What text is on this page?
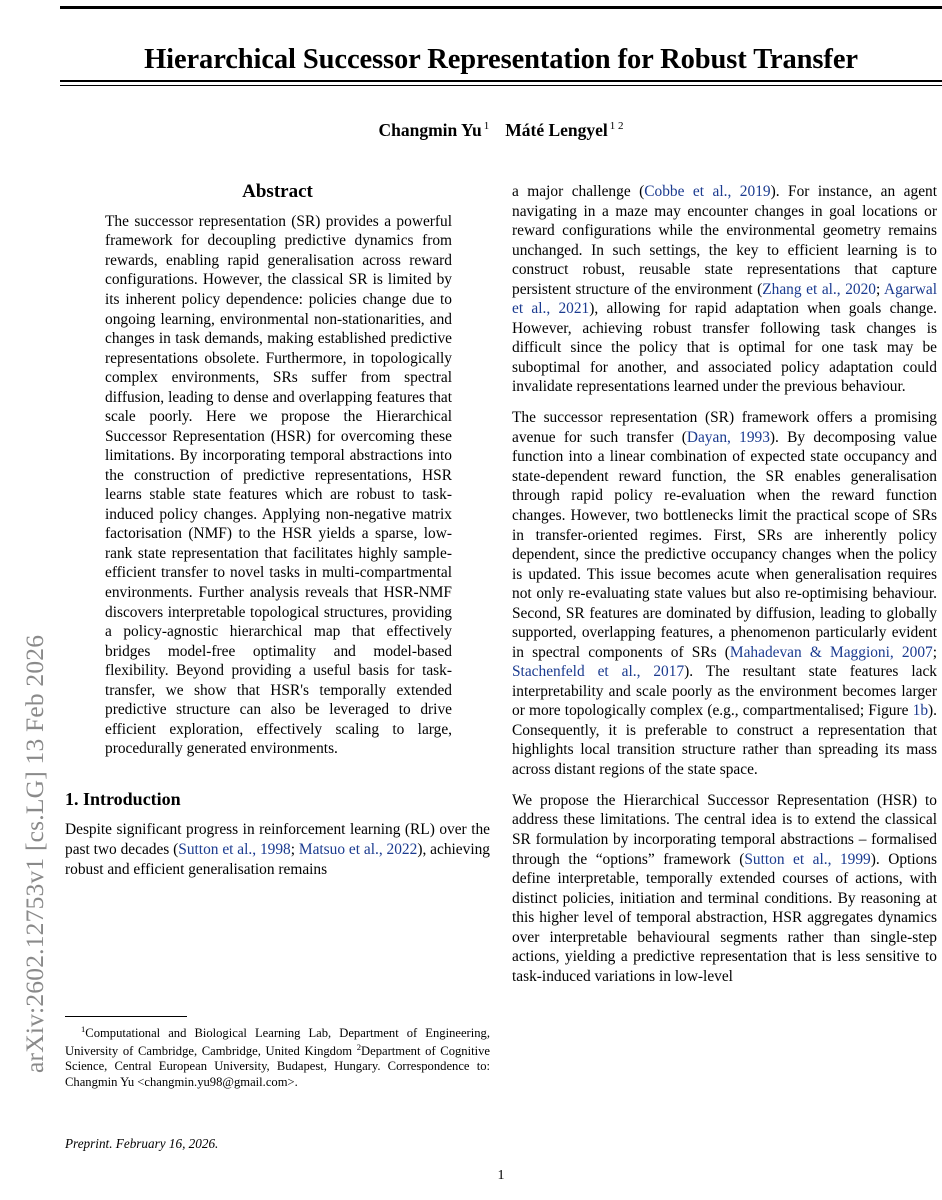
arXiv:2602.12753v1 [cs.LG] 13 Feb 2026
Hierarchical Successor Representation for Robust Transfer
Changmin Yu $^1$ Máté Lengyel $^{1 2}$
Abstract

The successor representation (SR) provides a powerful framework for decoupling predictive dynamics from rewards, enabling rapid generalisation across reward configurations. However, the classical SR is limited by its inherent policy dependence: policies change due to ongoing learning, environmental non-stationarities, and changes in task demands, making established predictive representations obsolete. Furthermore, in topologically complex environments, SRs suffer from spectral diffusion, leading to dense and overlapping features that scale poorly. Here we propose the Hierarchical Successor Representation (HSR) for overcoming these limitations. By incorporating temporal abstractions into the construction of predictive representations, HSR learns stable state features which are robust to task-induced policy changes. Applying non-negative matrix factorisation (NMF) to the HSR yields a sparse, low-rank state representation that facilitates highly sample-efficient transfer to novel tasks in multi-compartmental environments. Further analysis reveals that HSR-NMF discovers interpretable topological structures, providing a policy-agnostic hierarchical map that effectively bridges model-free optimality and model-based flexibility. Beyond providing a useful basis for task-transfer, we show that HSR's temporally extended predictive structure can also be leveraged to drive efficient exploration, effectively scaling to large, procedurally generated environments.

1. Introduction

Despite significant progress in reinforcement learning (RL) over the past two decades (Sutton et al., 1998; Matsuo et al., 2022), achieving robust and efficient generalisation remains

a major challenge (Cobbe et al., 2019). For instance, an agent navigating in a maze may encounter changes in goal locations or reward configurations while the environmental geometry remains unchanged. In such settings, the key to efficient learning is to construct robust, reusable state representations that capture persistent structure of the environment (Zhang et al., 2020; Agarwal et al., 2021), allowing for rapid adaptation when goals change. However, achieving robust transfer following task changes is difficult since the policy that is optimal for one task may be suboptimal for another, and associated policy adaptation could invalidate representations learned under the previous behaviour.

The successor representation (SR) framework offers a promising avenue for such transfer (Dayan, 1993). By decomposing value function into a linear combination of expected state occupancy and state-dependent reward function, the SR enables generalisation through rapid policy re-evaluation when the reward function changes. However, two bottlenecks limit the practical scope of SRs in transfer-oriented regimes. First, SRs are inherently policy dependent, since the predictive occupancy changes when the policy is updated. This issue becomes acute when generalisation requires not only re-evaluating state values but also re-optimising behaviour. Second, SR features are dominated by diffusion, leading to globally supported, overlapping features, a phenomenon particularly evident in spectral components of SRs (Mahadevan & Maggioni, 2007; Stachenfeld et al., 2017). The resultant state features lack interpretability and scale poorly as the environment becomes larger or more topologically complex (e.g., compartmentalised; Figure 1b). Consequently, it is preferable to construct a representation that highlights local transition structure rather than spreading its mass across distant regions of the state space.

We propose the Hierarchical Successor Representation (HSR) to address these limitations. The central idea is to extend the classical SR formulation by incorporating temporal abstractions – formalised through the “options” framework (Sutton et al., 1999). Options define interpretable, temporally extended courses of actions, with distinct policies, initiation and terminal conditions. By reasoning at this higher level of temporal abstraction, HSR aggregates dynamics over interpretable behavioural segments rather than single-step actions, yielding a predictive representation that is less sensitive to task-induced variations in low-level

$^1$Computational and Biological Learning Lab, Department of Engineering, University of Cambridge, Cambridge, United Kingdom $^2$Department of Cognitive Science, Central European University, Budapest, Hungary. Correspondence to: Changmin Yu <changmin.yu98@gmail.com>.

Preprint. February 16, 2026.
1
